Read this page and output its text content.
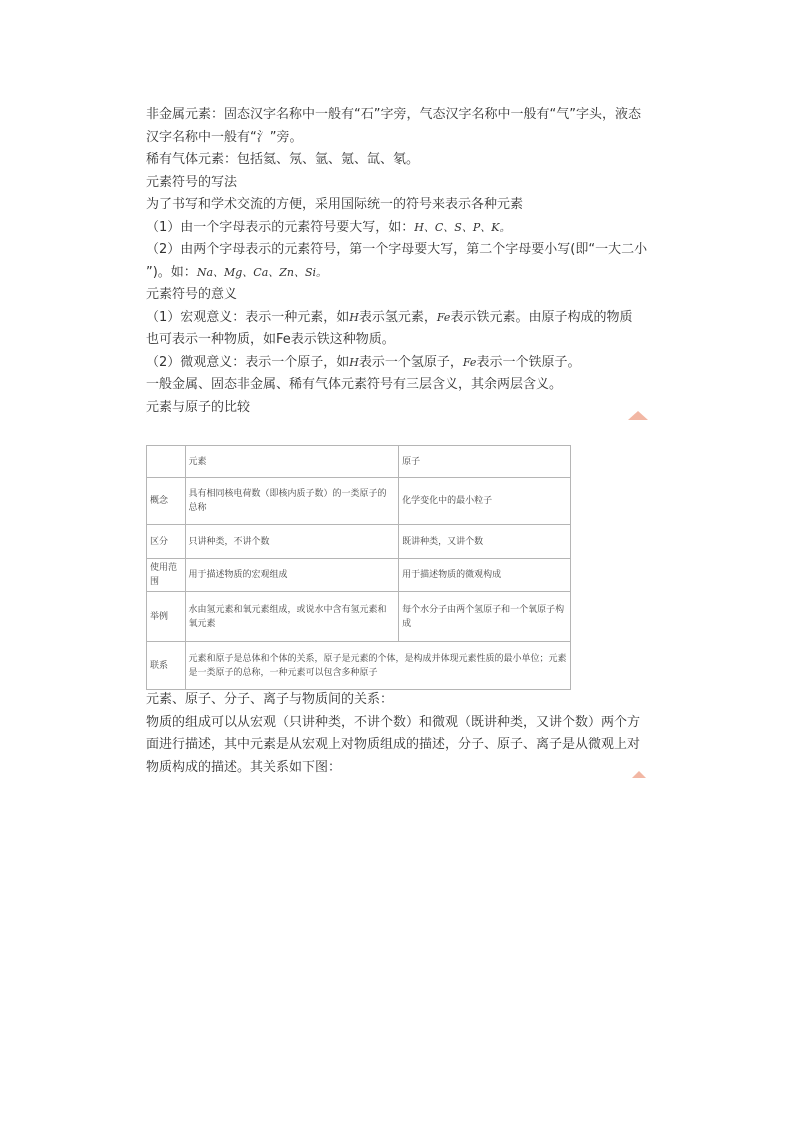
非金属元素：固态汉字名称中一般有“石”字旁，气态汉字名称中一般有“气”字头，液态

汉字名称中一般有“氵”旁。

稀有气体元素：包括氦、氖、氩、氪、氙、氡。

元素符号的写法

为了书写和学术交流的方便，采用国际统一的符号来表示各种元素

（1）由一个字母表示的元素符号要大写，如：H、C、S、P、K。

（2）由两个字母表示的元素符号，第一个字母要大写，第二个字母要小写(即“一大二小

”)。如：Na、Mg、Ca、Zn、Si。

元素符号的意义

（1）宏观意义：表示一种元素，如H表示氢元素，Fe表示铁元素。由原子构成的物质

也可表示一种物质，如Fe表示铁这种物质。

（2）微观意义：表示一个原子，如H表示一个氢原子，Fe表示一个铁原子。

一般金属、固态非金属、稀有气体元素符号有三层含义，其余两层含义。

元素与原子的比较

	元素	原子
概念	具有相同核电荷数（即核内质子数）的一类原子的总称	化学变化中的最小粒子
区分	只讲种类，不讲个数	既讲种类，又讲个数
使用范围	用于描述物质的宏观组成	用于描述物质的微观构成
举例	水由氢元素和氧元素组成，或说水中含有氢元素和氧元素	每个水分子由两个氢原子和一个氧原子构成
联系	元素和原子是总体和个体的关系，原子是元素的个体，是构成并体现元素性质的最小单位；元素是一类原子的总称，一种元素可以包含多种原子	

元素、原子、分子、离子与物质间的关系：

物质的组成可以从宏观（只讲种类，不讲个数）和微观（既讲种类，又讲个数）两个方

面进行描述，其中元素是从宏观上对物质组成的描述，分子、原子、离子是从微观上对

物质构成的描述。其关系如下图：
